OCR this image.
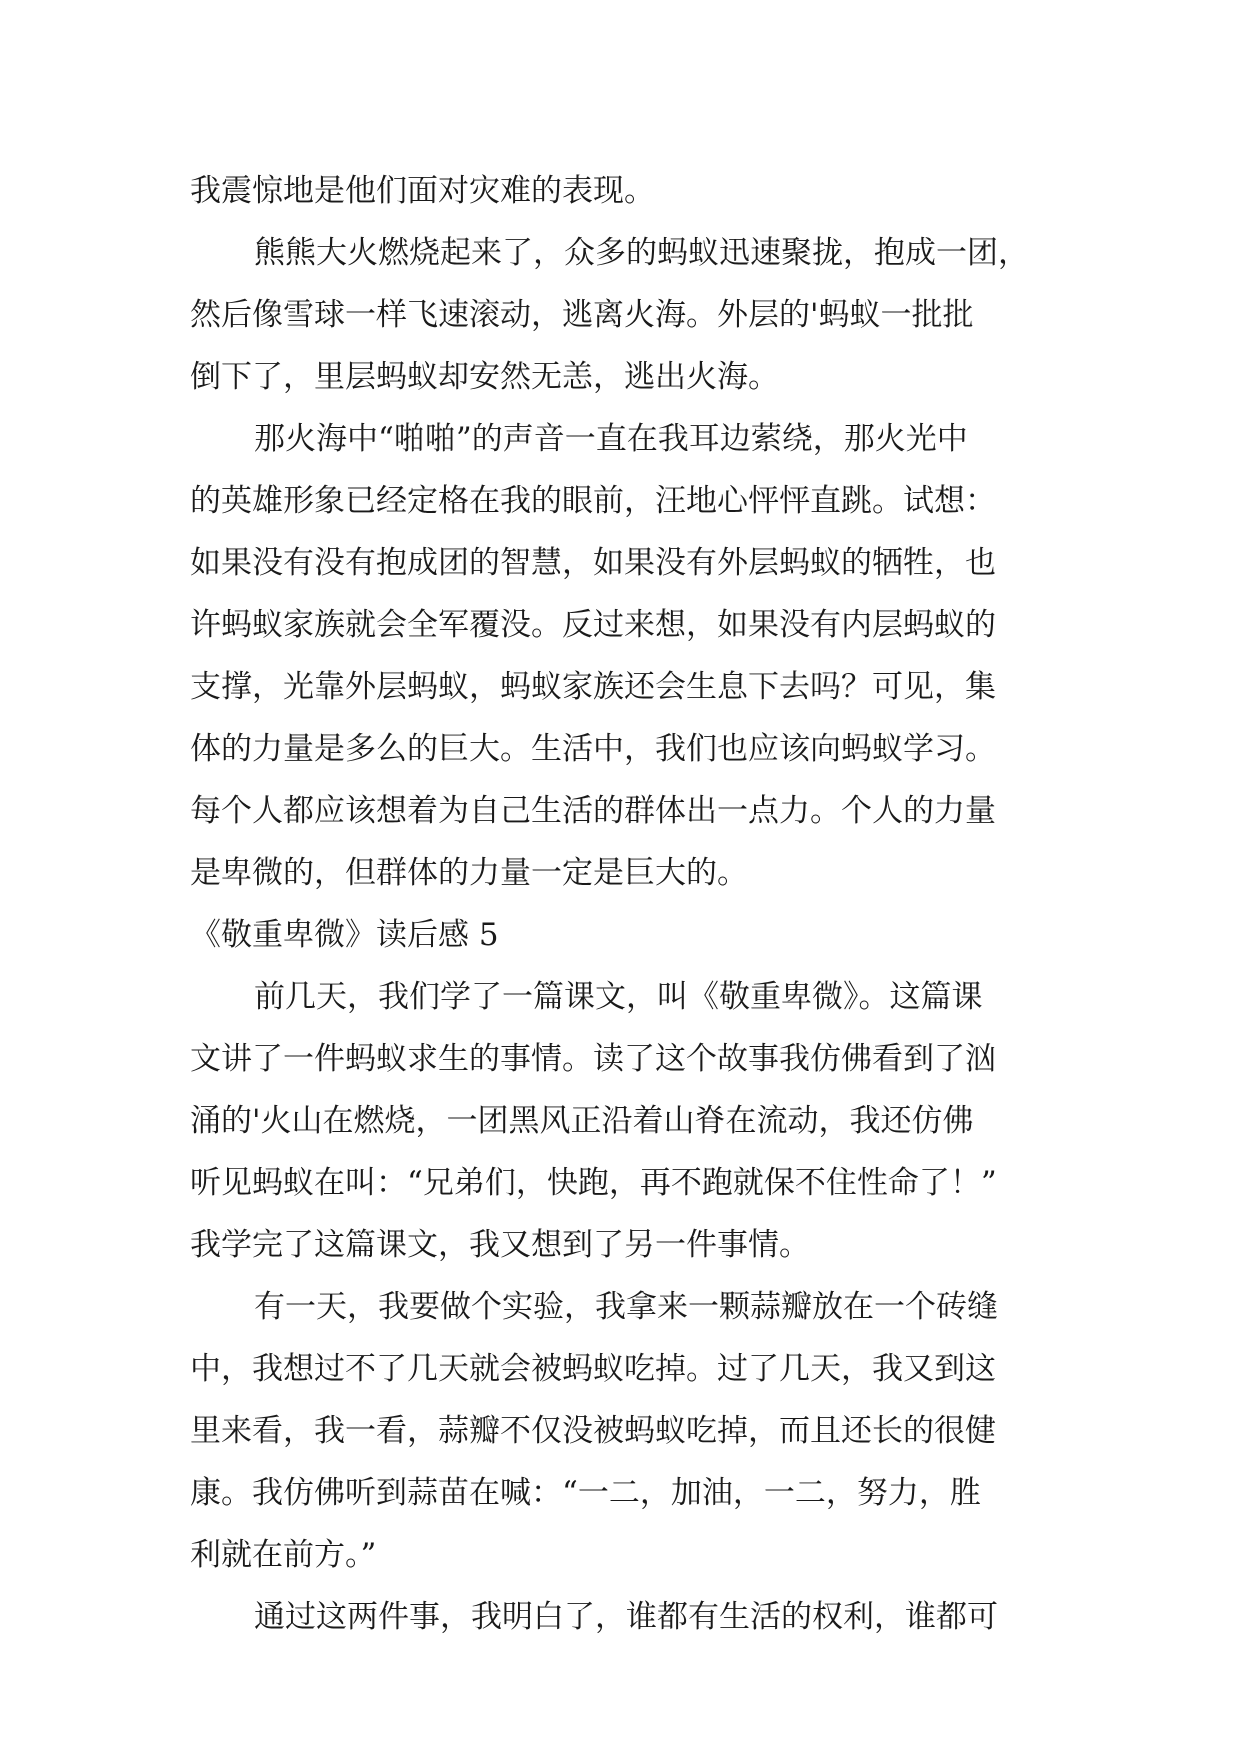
我震惊地是他们面对灾难的表现。
熊熊大火燃烧起来了，众多的蚂蚁迅速聚拢，抱成一团，
然后像雪球一样飞速滚动，逃离火海。外层的'蚂蚁一批批
倒下了，里层蚂蚁却安然无恙，逃出火海。
那火海中“啪啪”的声音一直在我耳边萦绕，那火光中
的英雄形象已经定格在我的眼前，汪地心怦怦直跳。试想：
如果没有没有抱成团的智慧，如果没有外层蚂蚁的牺牲，也
许蚂蚁家族就会全军覆没。反过来想，如果没有内层蚂蚁的
支撑，光靠外层蚂蚁，蚂蚁家族还会生息下去吗？可见，集
体的力量是多么的巨大。生活中，我们也应该向蚂蚁学习。
每个人都应该想着为自己生活的群体出一点力。个人的力量
是卑微的，但群体的力量一定是巨大的。
《敬重卑微》读后感 5
前几天，我们学了一篇课文，叫《敬重卑微》。这篇课
文讲了一件蚂蚁求生的事情。读了这个故事我仿佛看到了汹
涌的'火山在燃烧，一团黑风正沿着山脊在流动，我还仿佛
听见蚂蚁在叫：“兄弟们，快跑，再不跑就保不住性命了！”
我学完了这篇课文，我又想到了另一件事情。
有一天，我要做个实验，我拿来一颗蒜瓣放在一个砖缝
中，我想过不了几天就会被蚂蚁吃掉。过了几天，我又到这
里来看，我一看，蒜瓣不仅没被蚂蚁吃掉，而且还长的很健
康。我仿佛听到蒜苗在喊：“一二，加油，一二，努力，胜
利就在前方。”
通过这两件事，我明白了，谁都有生活的权利，谁都可
